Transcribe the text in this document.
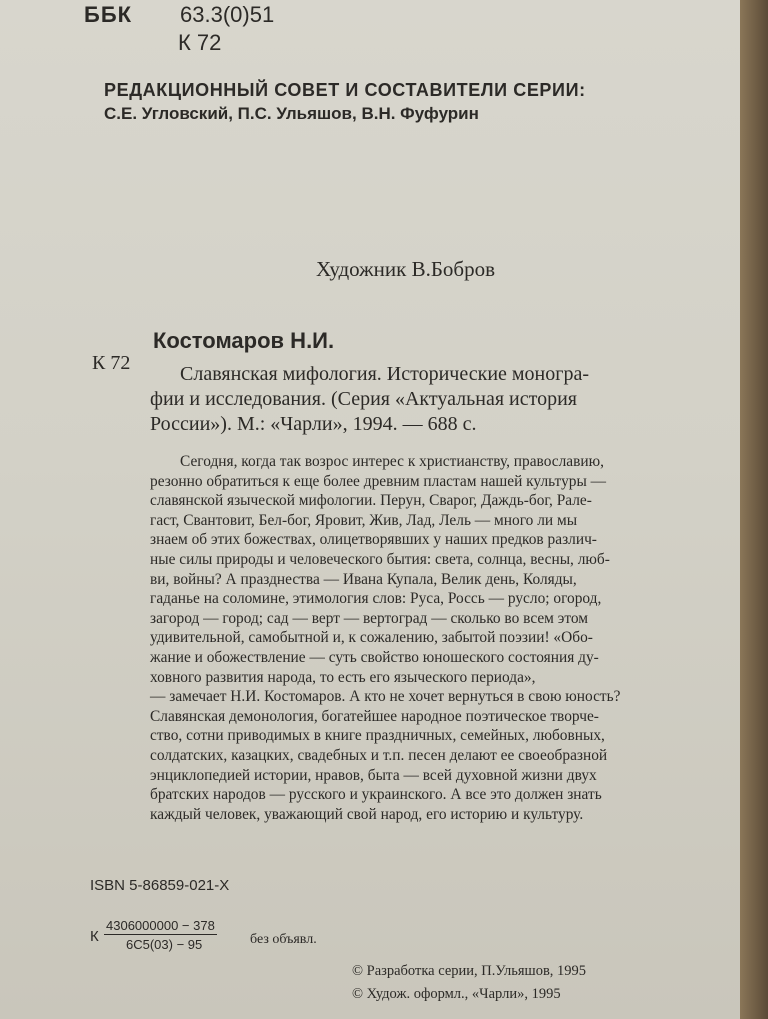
ББК 63.3(0)51
К 72
РЕДАКЦИОННЫЙ СОВЕТ И СОСТАВИТЕЛИ СЕРИИ:
С.Е. Угловский, П.С. Ульяшов, В.Н. Фуфурин
Художник В.Бобров
Костомаров Н.И.
К 72	Славянская мифология. Исторические моногра-
фии и исследования. (Серия «Актуальная история
России»). М.: «Чарли», 1994. — 688 с.
Сегодня, когда так возрос интерес к христианству, православию,
резонно обратиться к еще более древним пластам нашей культуры —
славянской языческой мифологии. Перун, Сварог, Даждь-бог, Рале-
гаст, Свантовит, Бел-бог, Яровит, Жив, Лад, Лель — много ли мы
знаем об этих божествах, олицетворявших у наших предков различ-
ные силы природы и человеческого бытия: света, солнца, весны, люб-
ви, войны? А празднества — Ивана Купала, Велик день, Коляды,
гаданье на соломине, этимология слов: Руса, Россь — русло; огород,
загород — город; сад — верт — вертоград — сколько во всем этом
удивительной, самобытной и, к сожалению, забытой поэзии! «Обо-
жание и обожествление — суть свойство юношеского состояния ду-
ховного развития народа, то есть его языческого периода»,
— замечает Н.И. Костомаров. А кто не хочет вернуться в свою юность?
Славянская демонология, богатейшее народное поэтическое творче-
ство, сотни приводимых в книге праздничных, семейных, любовных,
солдатских, казацких, свадебных и т.п. песен делают ее своеобразной
энциклопедией истории, нравов, быта — всей духовной жизни двух
братских народов — русского и украинского. А все это должен знать
каждый человек, уважающий свой народ, его историю и культуру.
ISBN 5-86859-021-X
К
4306000000 − 378
6С5(03) − 95	без объявл.
© Разработка серии, П.Ульяшов, 1995
© Худож. оформл., «Чарли», 1995
